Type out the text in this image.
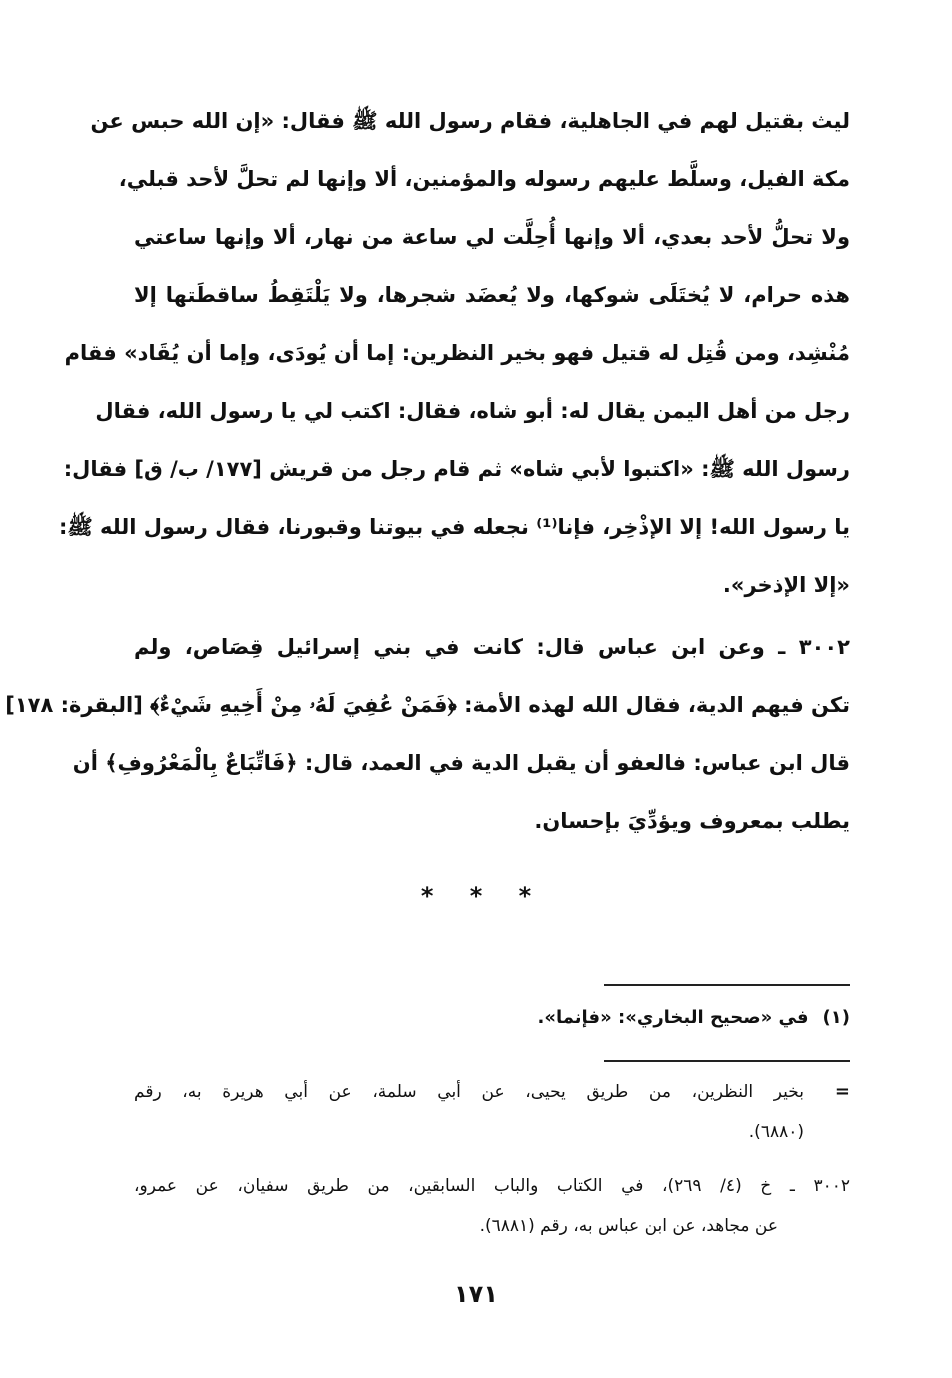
ليث بقتيل لهم في الجاهلية، فقام رسول الله ﷺ فقال: «إن الله حبس عن
مكة الفيل، وسلَّط عليهم رسوله والمؤمنين، ألا وإنها لم تحلَّ لأحد قبلي،
ولا تحلُّ لأحد بعدي، ألا وإنها أُحِلَّت لي ساعة من نهار، ألا وإنها ساعتي
هذه حرام، لا يُختَلَى شوكها، ولا يُعضَد شجرها، ولا يَلْتَقِطُ ساقطَتها إلا
مُنْشِد، ومن قُتِل له قتيل فهو بخير النظرين: إما أن يُودَى، وإما أن يُقَاد» فقام
رجل من أهل اليمن يقال له: أبو شاه، فقال: اكتب لي يا رسول الله، فقال
رسول الله ﷺ: «اكتبوا لأبي شاه» ثم قام رجل من قريش [١٧٧/ ب/ ق] فقال:
يا رسول الله! إلا الإذْخِر، فإنا⁽¹⁾ نجعله في بيوتنا وقبورنا، فقال رسول الله ﷺ:
«إلا الإذخر».
٣٠٠٢ ـ وعن ابن عباس قال: كانت في بني إسرائيل قِصَاص، ولم
تكن فيهم الدية، فقال الله لهذه الأمة: ﴿فَمَنْ عُفِيَ لَهُۥ مِنْ أَخِيهِ شَيْءٌ﴾ [البقرة: ١٧٨]
قال ابن عباس: فالعفو أن يقبل الدية في العمد، قال: ﴿فَاتِّبَاعٌ بِالْمَعْرُوفِ﴾ أن
يطلب بمعروف ويؤدِّيَ بإحسان.
* * *
(١)في «صحيح البخاري»: «فإنما».
=
بخير النظرين، من طريق يحيى، عن أبي سلمة، عن أبي هريرة به، رقم
(٦٨٨٠).
٣٠٠٢ ـ خ (٤/ ٢٦٩)، في الكتاب والباب السابقين، من طريق سفيان، عن عمرو،
عن مجاهد، عن ابن عباس به، رقم (٦٨٨١).
١٧١
